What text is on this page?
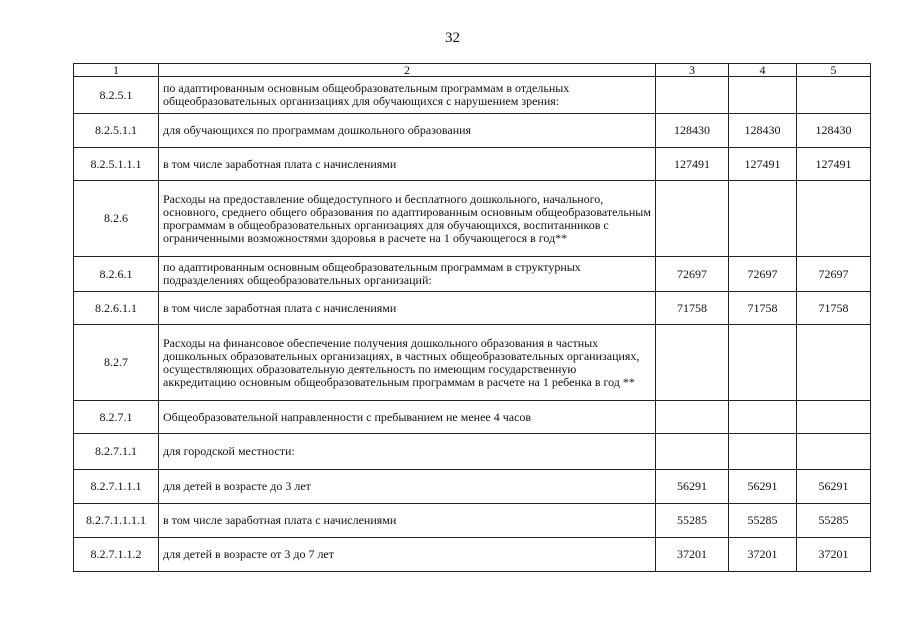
32
1	2	3	4	5
8.2.5.1	по адаптированным основным общеобразовательным программам в отдельных общеобразовательных организациях для обучающихся с нарушением зрения:			
8.2.5.1.1	для обучающихся по программам дошкольного образования	128430	128430	128430
8.2.5.1.1.1	в том числе заработная плата с начислениями	127491	127491	127491
8.2.6	Расходы на предоставление общедоступного и бесплатного дошкольного, начального, основного, среднего общего образования по адаптированным основным общеобразовательным программам в общеобразовательных организациях для обучающихся, воспитанников с ограниченными возможностями здоровья в расчете на 1 обучающегося в год**			
8.2.6.1	по адаптированным основным общеобразовательным программам в структурных подразделениях общеобразовательных организаций:	72697	72697	72697
8.2.6.1.1	в том числе заработная плата с начислениями	71758	71758	71758
8.2.7	Расходы на финансовое обеспечение получения дошкольного образования в частных дошкольных образовательных организациях, в частных общеобразовательных организациях, осуществляющих образовательную деятельность по имеющим государственную аккредитацию основным общеобразовательным программам в расчете на 1 ребенка в год **			
8.2.7.1	Общеобразовательной направленности с пребыванием не менее 4 часов			
8.2.7.1.1	для городской местности:			
8.2.7.1.1.1	для детей в возрасте до 3 лет	56291	56291	56291
8.2.7.1.1.1.1	в том числе заработная плата с начислениями	55285	55285	55285
8.2.7.1.1.2	для детей в возрасте от 3 до 7 лет	37201	37201	37201
